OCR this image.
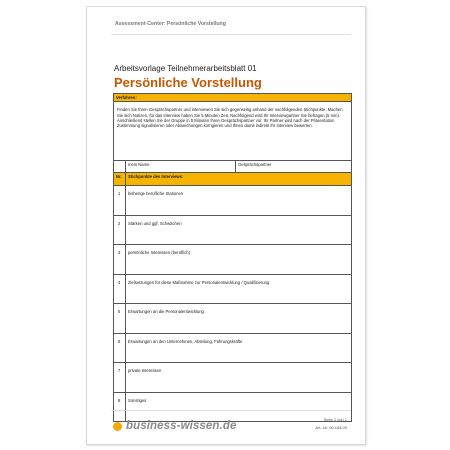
Assessment-Center: Persönliche Vorstellung
Arbeitsvorlage Teilnehmerarbeitsblatt 01
Persönliche Vorstellung
Verfahren:		
Finden Sie Ihren Gesprächspartner und interviewen Sie sich gegenseitig anhand der nachfolgenden Stichpunkte. Machen Sie sich Notizen, für das Interview haben Sie 5 Minuten Zeit. Nachfolgend wird Ihr Interviewpartner Sie befragen (5 min). Anschließend stellen Sie der Gruppe in 5 Minuten Ihren Gesprächspartner vor. Ihr Partner wird nach der Präsentation Zustimmung signalisieren oder Abweichungen korrigieren und Ihnen damit indirekt Ihr Interview bewerten.		
	mein Name	Gesprächspartner
Nr.	Stichpunkte des Interviews:	
1	bisherige berufliche Stationen	
2	Stärken und ggf. Schwächen	
3	persönliche Interessen (beruflich)	
4	Zielsetzungen für diese Maßnahme zur Personalentwicklung / Qualifizierung	
5	Erwartungen an die Personalentwicklung	
6	Erwartungen an den Unternehmen, Abteilung, Führungskräfte	
7	private Interessen	
8	Sonstiges	
business-wissen.de
Seite 1 von 1
Art.-Nr. 06.168.09
